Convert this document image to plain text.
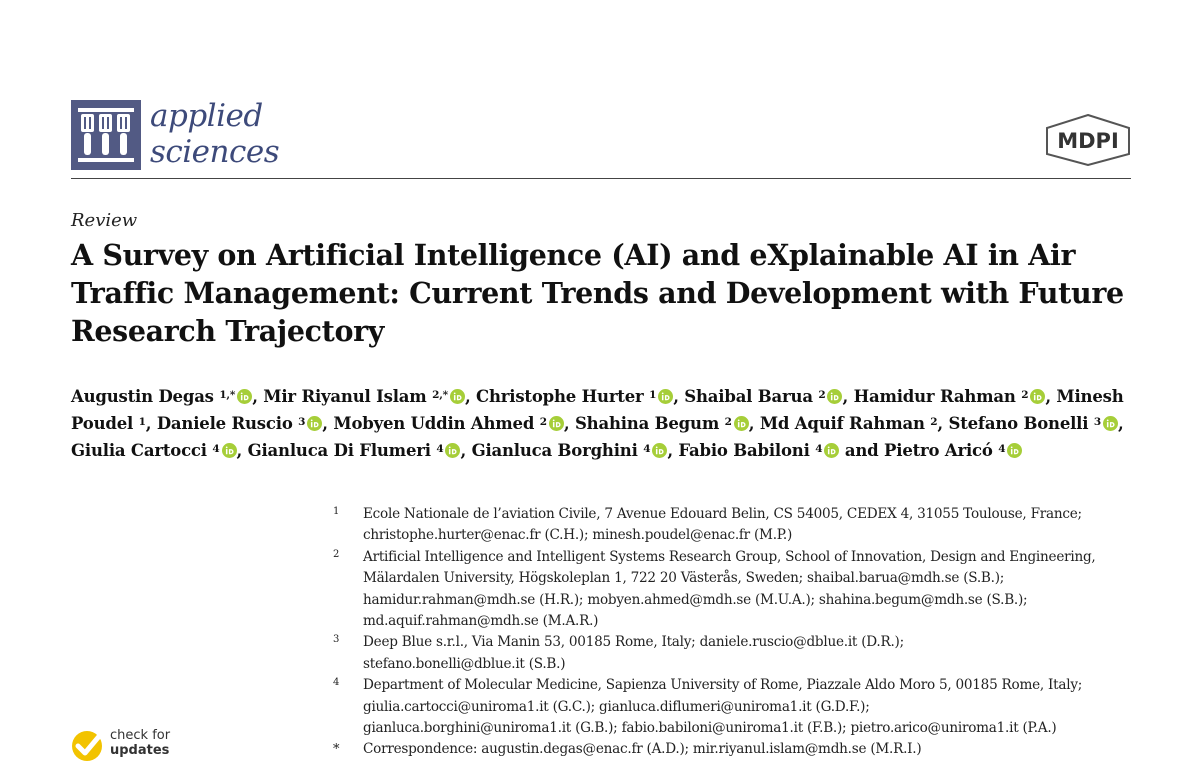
applied
sciences	MDPI
Review
A Survey on Artificial Intelligence (AI) and eXplainable AI in Air Traffic Management: Current Trends and Development with Future Research Trajectory
Augustin Degas $^{1,*}$ , Mir Riyanul Islam $^{2,*}$ , Christophe Hurter $^1$ , Shaibal Barua $^2$ , Hamidur Rahman $^2$ , Minesh Poudel $^1$, Daniele Ruscio $^3$ , Mobyen Uddin Ahmed $^2$ , Shahina Begum $^2$ , Md Aquif Rahman $^2$, Stefano Bonelli $^3$ , Giulia Cartocci $^4$ , Gianluca Di Flumeri $^4$ , Gianluca Borghini $^4$ , Fabio Babiloni $^4$ and Pietro Aricó $^4$
1 Ecole Nationale de l’aviation Civile, 7 Avenue Edouard Belin, CS 54005, CEDEX 4, 31055 Toulouse, France;
christophe.hurter@enac.fr (C.H.); minesh.poudel@enac.fr (M.P.)
2 Artificial Intelligence and Intelligent Systems Research Group, School of Innovation, Design and Engineering,
Mälardalen University, Högskoleplan 1, 722 20 Västerås, Sweden; shaibal.barua@mdh.se (S.B.);
hamidur.rahman@mdh.se (H.R.); mobyen.ahmed@mdh.se (M.U.A.); shahina.begum@mdh.se (S.B.);
md.aquif.rahman@mdh.se (M.A.R.)
3 Deep Blue s.r.l., Via Manin 53, 00185 Rome, Italy; daniele.ruscio@dblue.it (D.R.);
stefano.bonelli@dblue.it (S.B.)
4 Department of Molecular Medicine, Sapienza University of Rome, Piazzale Aldo Moro 5, 00185 Rome, Italy;
giulia.cartocci@uniroma1.it (G.C.); gianluca.diflumeri@uniroma1.it (G.D.F.);
gianluca.borghini@uniroma1.it (G.B.); fabio.babiloni@uniroma1.it (F.B.); pietro.arico@uniroma1.it (P.A.)
* Correspondence: augustin.degas@enac.fr (A.D.); mir.riyanul.islam@mdh.se (M.R.I.)
check for
updates
